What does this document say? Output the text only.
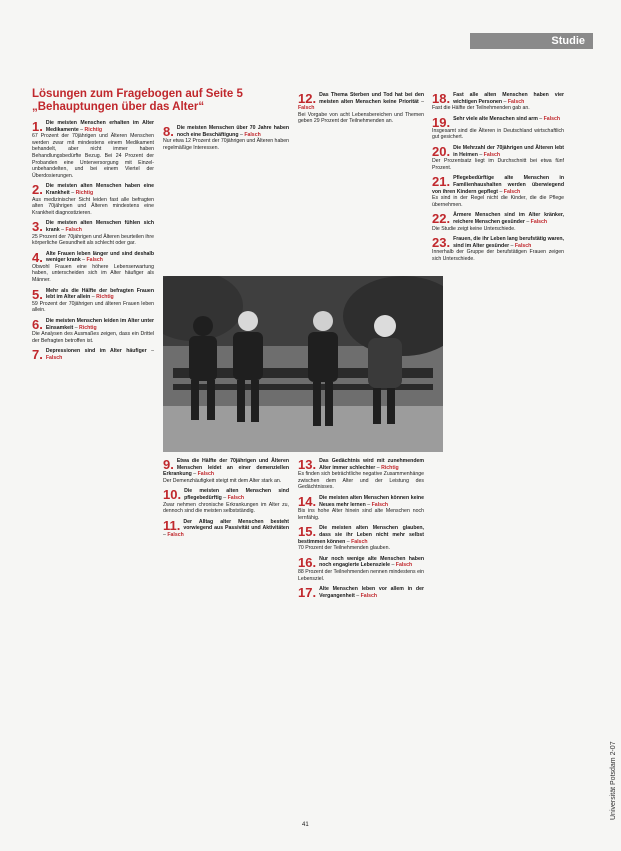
Studie
Lösungen zum Fragebogen auf Seite 5
„Behauptungen über das Alter“
1. Die meisten Menschen erhalten im Alter Medikamente – Richtig
67 Prozent der 70jährigen und Älteren Menschen werden zwar mit mindestens einem Medikament behandelt, aber nicht immer haben Behandlungsbedürfte Bezug. Bei 24 Prozent der Probanden eine Unterversorgung mit Einzel-unbehandelten, und bei einem Viertel der Überdosierungen.
2. Die meisten alten Menschen haben eine Krankheit – Richtig
Aus medizinischer Sicht leiden fast alle befragten alten 70jährigen und Älteren mindestens eine Krankheit diagnostizieren.
3. Die meisten alten Menschen fühlen sich krank – Falsch
25 Prozent der 70jährigen und Älteren beurteilen ihre körperliche Gesundheit als schlecht oder gar.
4. Alte Frauen leben länger und sind deshalb weniger krank – Falsch
Obwohl Frauen eine höhere Lebenserwartung haben, unterscheiden sich im Alter häufiger als Männer.
5. Mehr als die Hälfte der befragten Frauen lebt im Alter allein – Richtig
59 Prozent der 70jährigen und älteren Frauen leben allein.
6. Die meisten Menschen leiden im Alter unter Einsamkeit – Richtig
Die Analysen des Ausmaßes zeigen, dass ein Drittel der Befragten betroffen ist.
7. Depressionen sind im Alter häufiger – Falsch
8. Die meisten Menschen über 70 Jahre haben noch eine Beschäftigung – Falsch
Nur etwa 12 Prozent der 70jährigen und Älteren haben regelmäßige Interessen.
12. Das Thema Sterben und Tod hat bei den meisten alten Menschen keine Priorität – Falsch
Bei Vorgabe von acht Lebensbereichen und Themen geben 29 Prozent der Teilnehmenden an.
9. Etwa die Hälfte der 70jährigen und Älteren Menschen leidet an einer demenziellen Erkrankung – Falsch
Der Demenzhäufigkeit steigt mit dem Alter stark an.
10. Die meisten alten Menschen sind pflegebedürftig – Falsch
Zwar nehmen chronische Erkrankungen im Alter zu, dennoch sind die meisten selbstständig.
11. Der Alltag alter Menschen besteht vorwiegend aus Passivität und Aktivitäten – Falsch
13. Das Gedächtnis wird mit zunehmendem Alter immer schlechter – Richtig
Es finden sich beträchtliche negative Zusammenhänge zwischen dem Alter und der Leistung des Gedächtnisses.
14. Die meisten alten Menschen können keine Neues mehr lernen – Falsch
Bis ins hohe Alter hinein sind alte Menschen noch lernfähig.
15. Die meisten alten Menschen glauben, dass sie ihr Leben nicht mehr selbst bestimmen können – Falsch
70 Prozent der Teilnehmenden glauben.
16. Nur noch wenige alte Menschen haben noch engagierte Lebensziele – Falsch
88 Prozent der Teilnehmenden nennen mindestens ein Lebensziel.
17. Alte Menschen leben vor allem in der Vergangenheit – Falsch
18. Fast alle alten Menschen haben vier wichtigen Personen – Falsch
Fast die Hälfte der Teilnehmenden gab an.
19. Sehr viele alte Menschen sind arm – Falsch
Insgesamt sind die Älteren in Deutschland wirtschaftlich gut gesichert.
20. Die Mehrzahl der 70jährigen und Älteren lebt in Heimen – Falsch
Der Prozentsatz liegt im Durchschnitt bei etwa fünf Prozent.
21. Pflegebedürftige alte Menschen in Familienhaushalten werden überwiegend von ihren Kindern gepflegt – Falsch
Es sind in der Regel nicht die Kinder, die die Pflege übernehmen.
22. Ärmere Menschen sind im Alter kränker, reichere Menschen gesünder – Falsch
Die Studie zeigt keine Unterschiede.
23. Frauen, die ihr Leben lang berufstätig waren, sind im Alter gesünder – Falsch
Innerhalb der Gruppe der berufstätigen Frauen zeigen sich Unterschiede.
Universität Potsdam 2-07
41
